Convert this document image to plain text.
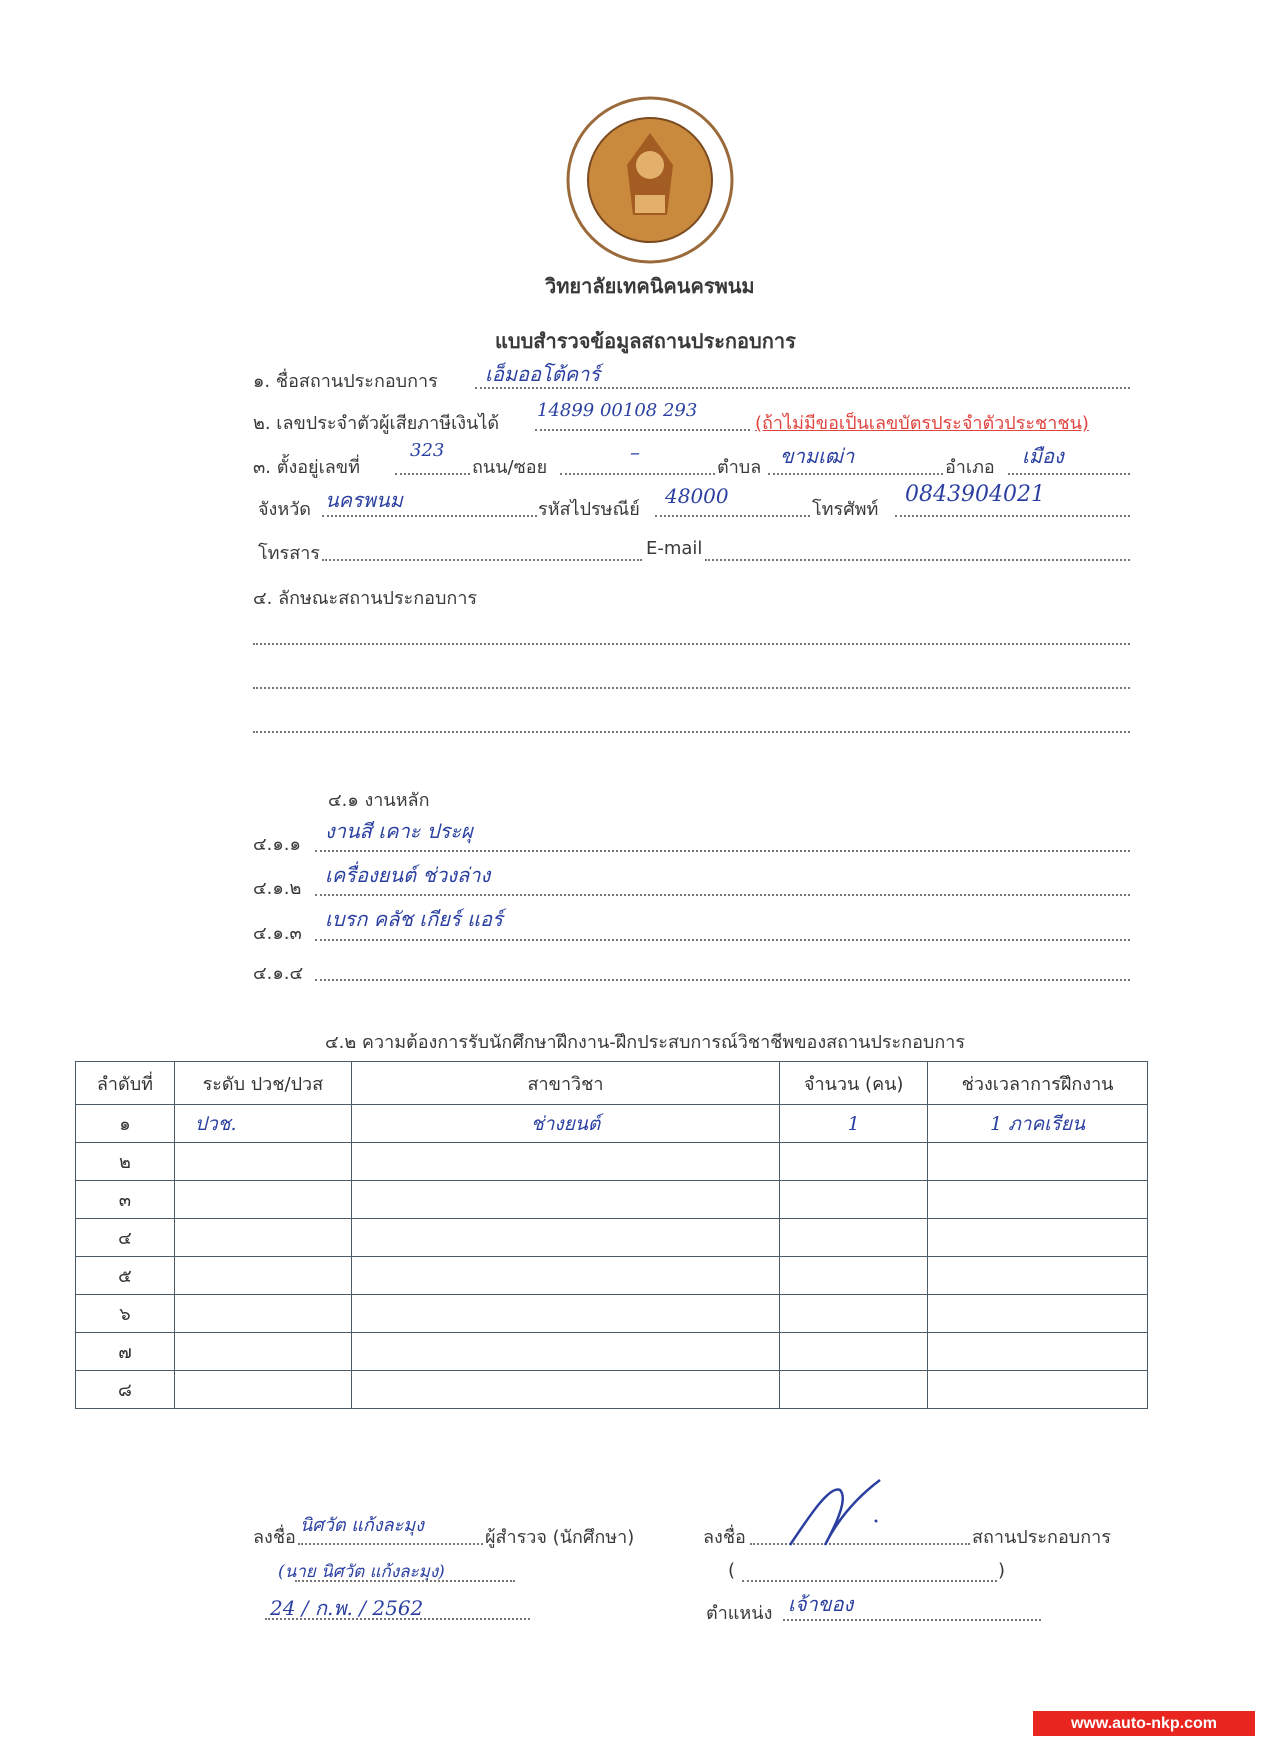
วิทยาลัยเทคนิคนครพนม
แบบสำรวจข้อมูลสถานประกอบการ
๑. ชื่อสถานประกอบการ เอ็มออโต้คาร์
๒. เลขประจำตัวผู้เสียภาษีเงินได้
14899 00108 293
(ถ้าไม่มีขอเป็นเลขบัตรประจำตัวประชาชน)
๓. ตั้งอยู่เลขที่
323
ถนน/ซอย
–
ตำบล ขามเฒ่า	อำเภอ เมือง
จังหวัด นครพนม	รหัสไปรษณีย์
48000
โทรศัพท์
0843904021
โทรสาร	E-mail
๔. ลักษณะสถานประกอบการ
๔.๑ งานหลัก
๔.๑.๑
งานสี เคาะ ประผุ
๔.๑.๒
เครื่องยนต์ ช่วงล่าง
๔.๑.๓
เบรก คลัช เกียร์ แอร์
๔.๑.๔
๔.๒ ความต้องการรับนักศึกษาฝึกงาน-ฝึกประสบการณ์วิชาชีพของสถานประกอบการ
ลำดับที่	ระดับ ปวช/ปวส	สาขาวิชา	จำนวน (คน)	ช่วงเวลาการฝึกงาน
๑	ปวช.	ช่างยนต์	1	1 ภาคเรียน
๒				
๓				
๔				
๕				
๖				
๗				
๘				
ลงชื่อ
นิศวัต แก้งละมุง
ผู้สำรวจ (นักศึกษา)
(นาย นิศวัต แก้งละมุง)
24 / ก.พ. / 2562
ลงชื่อ	สถานประกอบการ
(	)
ตำแหน่ง เจ้าของ
www.auto-nkp.com
